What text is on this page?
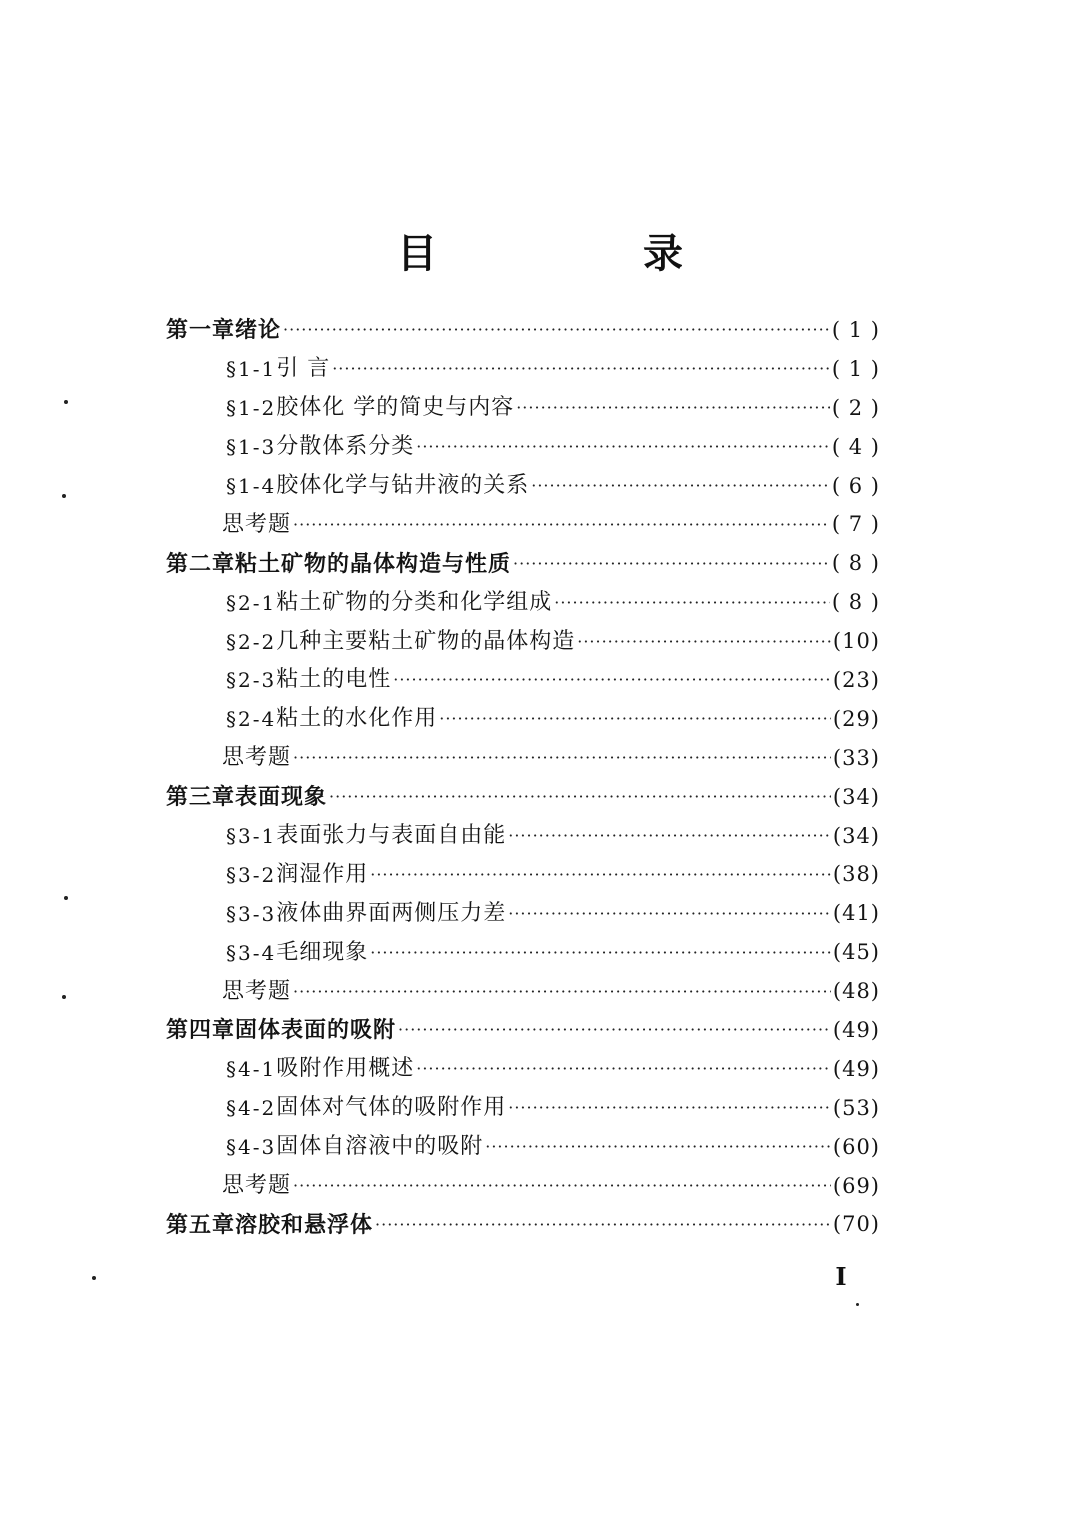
目 录
第一章 绪论 ·····	( 1 )
§1-1 引 言 ·····	( 1 )
§1-2 胶体化 学的简史与内容 ·····	( 2 )
§1-3 分散体系分类 ·····	( 4 )
§1-4 胶体化学与钻井液的关系 ·····	( 6 )
思考题 ·····	( 7 )
第二章 粘土矿物的晶体构造与性质 ·····	( 8 )
§2-1 粘土矿物的分类和化学组成 ·····	( 8 )
§2-2 几种主要粘土矿物的晶体构造 ·····	(10)
§2-3 粘土的电性 ·····	(23)
§2-4 粘土的水化作用 ·····	(29)
思考题 ·····	(33)
第三章 表面现象 ·····	(34)
§3-1 表面张力与表面自由能 ·····	(34)
§3-2 润湿作用 ·····	(38)
§3-3 液体曲界面两侧压力差 ·····	(41)
§3-4 毛细现象 ·····	(45)
思考题 ·····	(48)
第四章 固体表面的吸附 ·····	(49)
§4-1 吸附作用概述 ·····	(49)
§4-2 固体对气体的吸附作用 ·····	(53)
§4-3 固体自溶液中的吸附 ·····	(60)
思考题 ·····	(69)
第五章 溶胶和悬浮体 ·····	(70)
I
